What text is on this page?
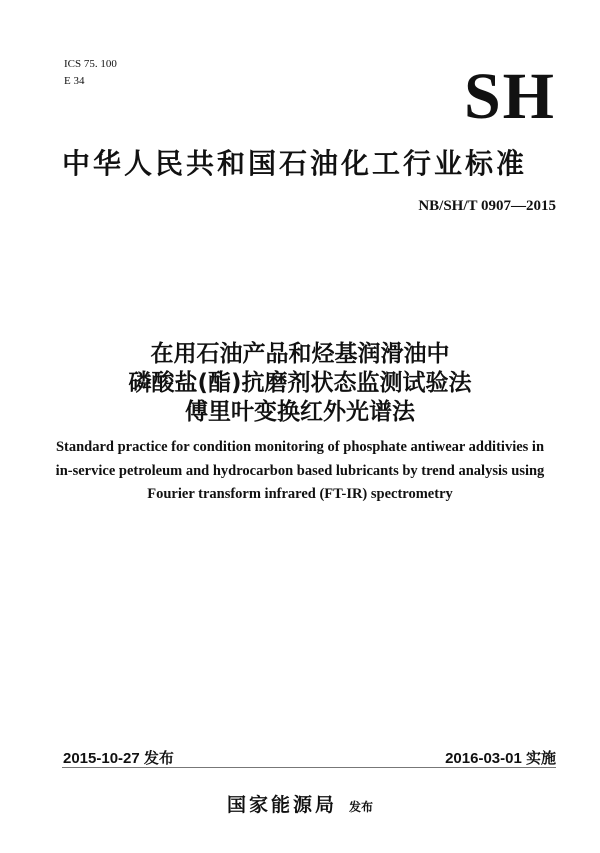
ICS 75. 100
E 34	SH
中华人民共和国石油化工行业标准
NB/SH/T 0907—2015
在用石油产品和烃基润滑油中
磷酸盐(酯)抗磨剂状态监测试验法
傅里叶变换红外光谱法
Standard practice for condition monitoring of phosphate antiwear additivies in
in-service petroleum and hydrocarbon based lubricants by trend analysis using
Fourier transform infrared (FT-IR) spectrometry
2015-10-27 发布	2016-03-01 实施
国家能源局 发布
